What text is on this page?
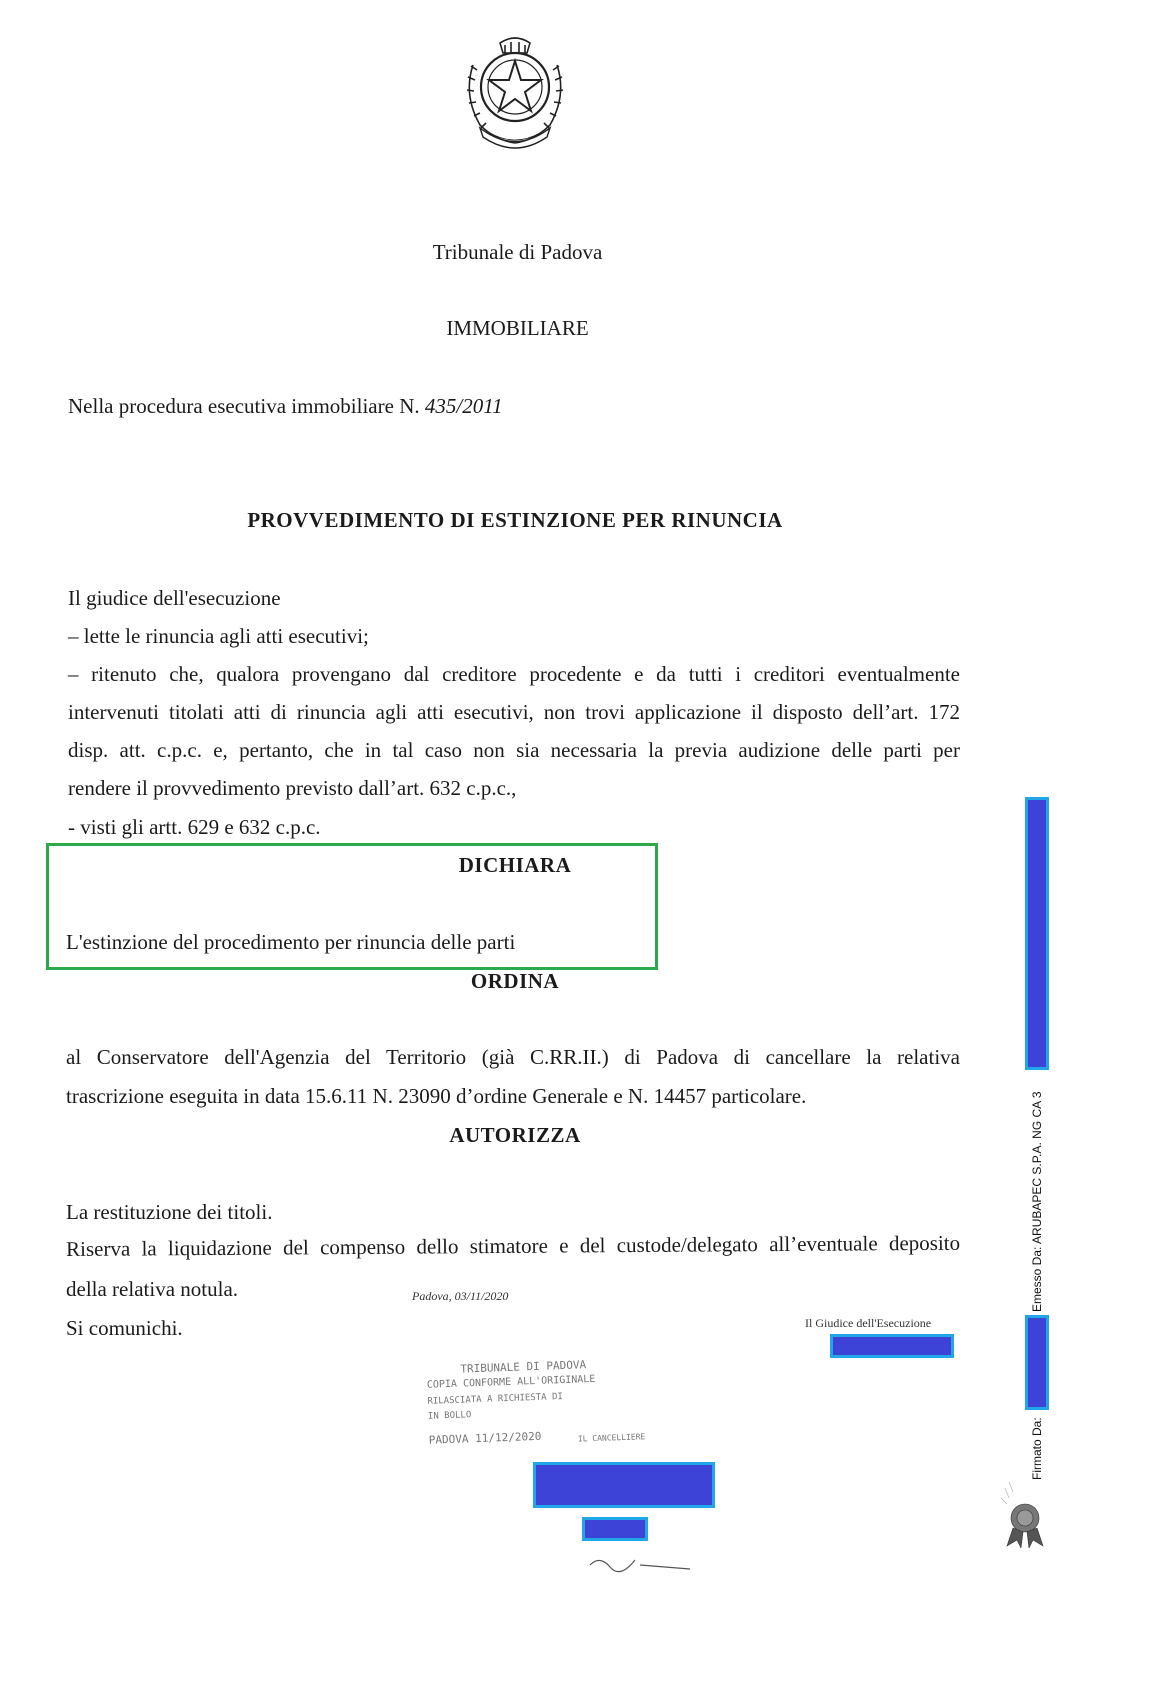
Tribunale di Padova
IMMOBILIARE
Nella procedura esecutiva immobiliare N. 435/2011
PROVVEDIMENTO DI ESTINZIONE PER RINUNCIA
Il giudice dell'esecuzione
– lette le rinuncia agli atti esecutivi;
– ritenuto che, qualora provengano dal creditore procedente e da tutti i creditori eventualmente
intervenuti titolati atti di rinuncia agli atti esecutivi, non trovi applicazione il disposto dell’art. 172
disp. att. c.p.c. e, pertanto, che in tal caso non sia necessaria la previa audizione delle parti per
rendere il provvedimento previsto dall’art. 632 c.p.c.,
- visti gli artt. 629 e 632 c.p.c.
DICHIARA
L'estinzione del procedimento per rinuncia delle parti
ORDINA
al Conservatore dell'Agenzia del Territorio (già C.RR.II.) di Padova di cancellare la relativa
trascrizione eseguita in data 15.6.11 N. 23090 d’ordine Generale e N. 14457 particolare.
AUTORIZZA
La restituzione dei titoli.
Riserva la liquidazione del compenso dello stimatore e del custode/delegato all’eventuale deposito
della relativa notula.
Si comunichi.
Padova, 03/11/2020
Il Giudice dell'Esecuzione
TRIBUNALE DI PADOVA
COPIA CONFORME ALL'ORIGINALE
RILASCIATA A RICHIESTA DI
IN BOLLO
PADOVA 11/12/2020	IL CANCELLIERE
Emesso Da: ARUBAPEC S.P.A. NG CA 3
Firmato Da:
